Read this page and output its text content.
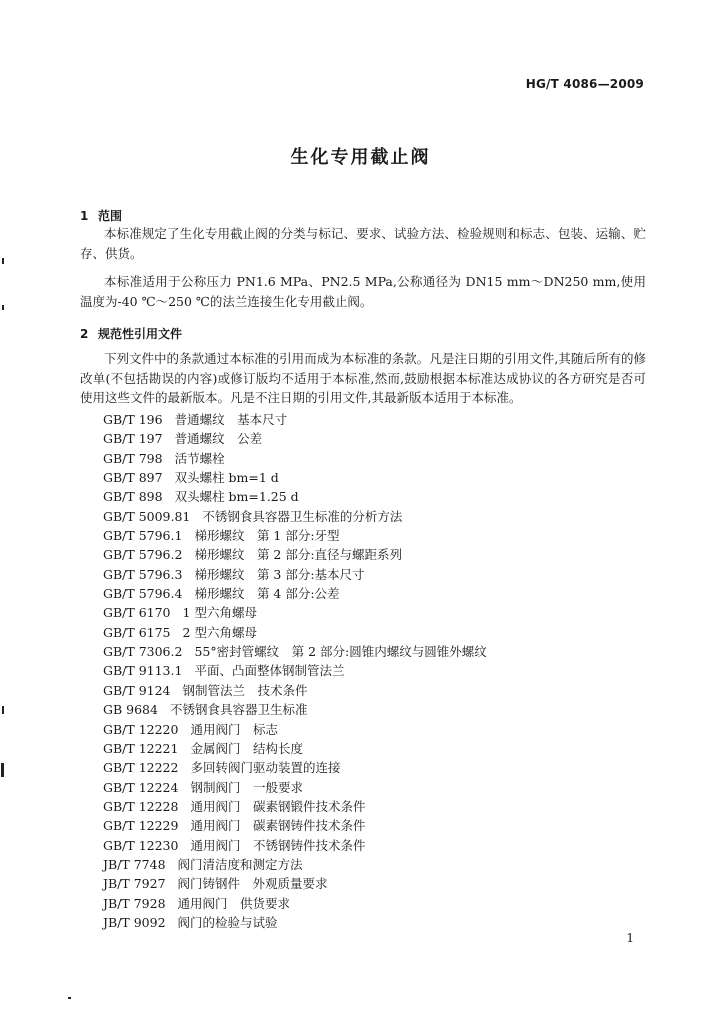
HG/T 4086—2009
生化专用截止阀
1 范围

本标准规定了生化专用截止阀的分类与标记、要求、试验方法、检验规则和标志、包装、运输、贮存、供货。

本标准适用于公称压力 PN1.6 MPa、PN2.5 MPa,公称通径为 DN15 mm～DN250 mm,使用温度为-40 ℃～250 ℃的法兰连接生化专用截止阀。

2 规范性引用文件

下列文件中的条款通过本标准的引用而成为本标准的条款。凡是注日期的引用文件,其随后所有的修改单(不包括勘误的内容)或修订版均不适用于本标准,然而,鼓励根据本标准达成协议的各方研究是否可使用这些文件的最新版本。凡是不注日期的引用文件,其最新版本适用于本标准。

GB/T 196 普通螺纹　基本尺寸
GB/T 197 普通螺纹　公差
GB/T 798 活节螺栓
GB/T 897 双头螺柱 bm=1 d
GB/T 898 双头螺柱 bm=1.25 d
GB/T 5009.81 不锈钢食具容器卫生标准的分析方法
GB/T 5796.1 梯形螺纹　第 1 部分:牙型
GB/T 5796.2 梯形螺纹　第 2 部分:直径与螺距系列
GB/T 5796.3 梯形螺纹　第 3 部分:基本尺寸
GB/T 5796.4 梯形螺纹　第 4 部分:公差
GB/T 6170 1 型六角螺母
GB/T 6175 2 型六角螺母
GB/T 7306.2 55°密封管螺纹　第 2 部分:圆锥内螺纹与圆锥外螺纹
GB/T 9113.1 平面、凸面整体钢制管法兰
GB/T 9124 钢制管法兰　技术条件
GB 9684 不锈钢食具容器卫生标准
GB/T 12220 通用阀门　标志
GB/T 12221 金属阀门　结构长度
GB/T 12222 多回转阀门驱动装置的连接
GB/T 12224 钢制阀门　一般要求
GB/T 12228 通用阀门　碳素钢锻件技术条件
GB/T 12229 通用阀门　碳素钢铸件技术条件
GB/T 12230 通用阀门　不锈钢铸件技术条件
JB/T 7748 阀门清洁度和测定方法
JB/T 7927 阀门铸钢件　外观质量要求
JB/T 7928 通用阀门　供货要求
JB/T 9092 阀门的检验与试验
1
